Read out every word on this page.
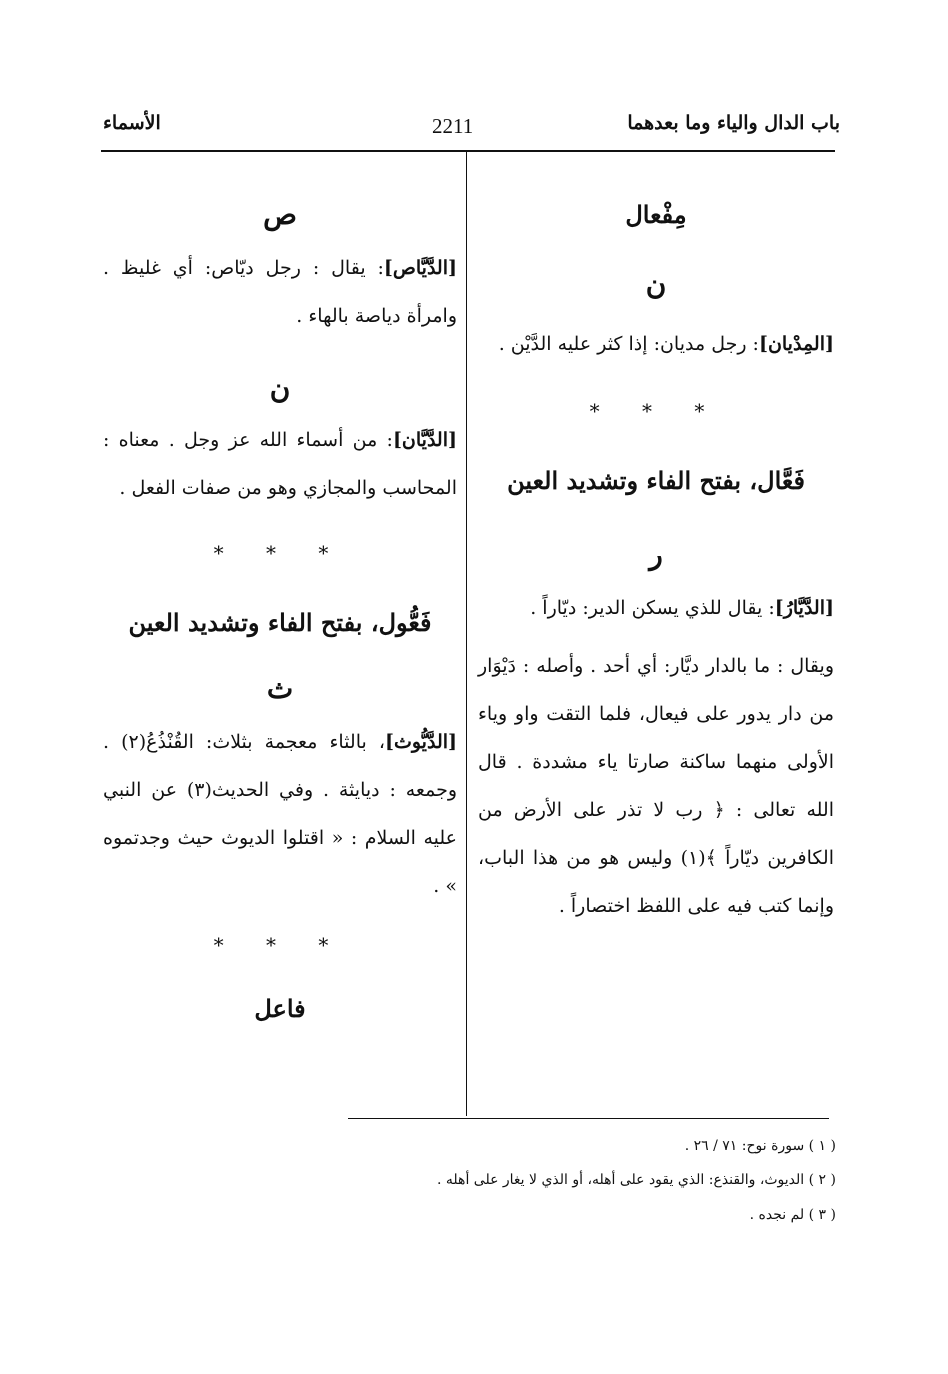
باب الدال والياء وما بعدهما
2211
الأسماء
مِفْعال
ن

[المِدْيان]: رجل مديان: إذا كثر عليه الدَّيْن .

* * *
فَعَّال، بفتح الفاء وتشديد العين
ر

[الدَّيَّارُ]: يقال للذي يسكن الدير: ديّاراً .

ويقال : ما بالدار ديَّار: أي أحد . وأصله : دَيْوَار من دار يدور على فيعال، فلما التقت واو وياء الأولى منهما ساكنة صارتا ياء مشددة . قال الله تعالى : ﴿ رب لا تذر على الأرض من الكافرين ديّاراً ﴾(١) وليس هو من هذا الباب، وإنما كتب فيه على اللفظ اختصاراً .

ص

[الدَّيَّاص]: يقال : رجل ديّاص: أي غليظ . وامرأة دياصة بالهاء .

ن

[الدَّيَّان]: من أسماء الله عز وجل . معناه : المحاسب والمجازي وهو من صفات الفعل .

* * *
فَعُّول، بفتح الفاء وتشديد العين
ث

[الدَّيُّوث]، بالثاء معجمة بثلاث: القُنْذُعُ(٢) . وجمعه : ديايثة . وفي الحديث(٣) عن النبي عليه السلام : « اقتلوا الديوث حيث وجدتموه » .

* * *
فاعل
( ١ ) سورة نوح: ٧١ / ٢٦ .
( ٢ ) الديوث، والقنذع: الذي يقود على أهله، أو الذي لا يغار على أهله .
( ٣ ) لم نجده .
